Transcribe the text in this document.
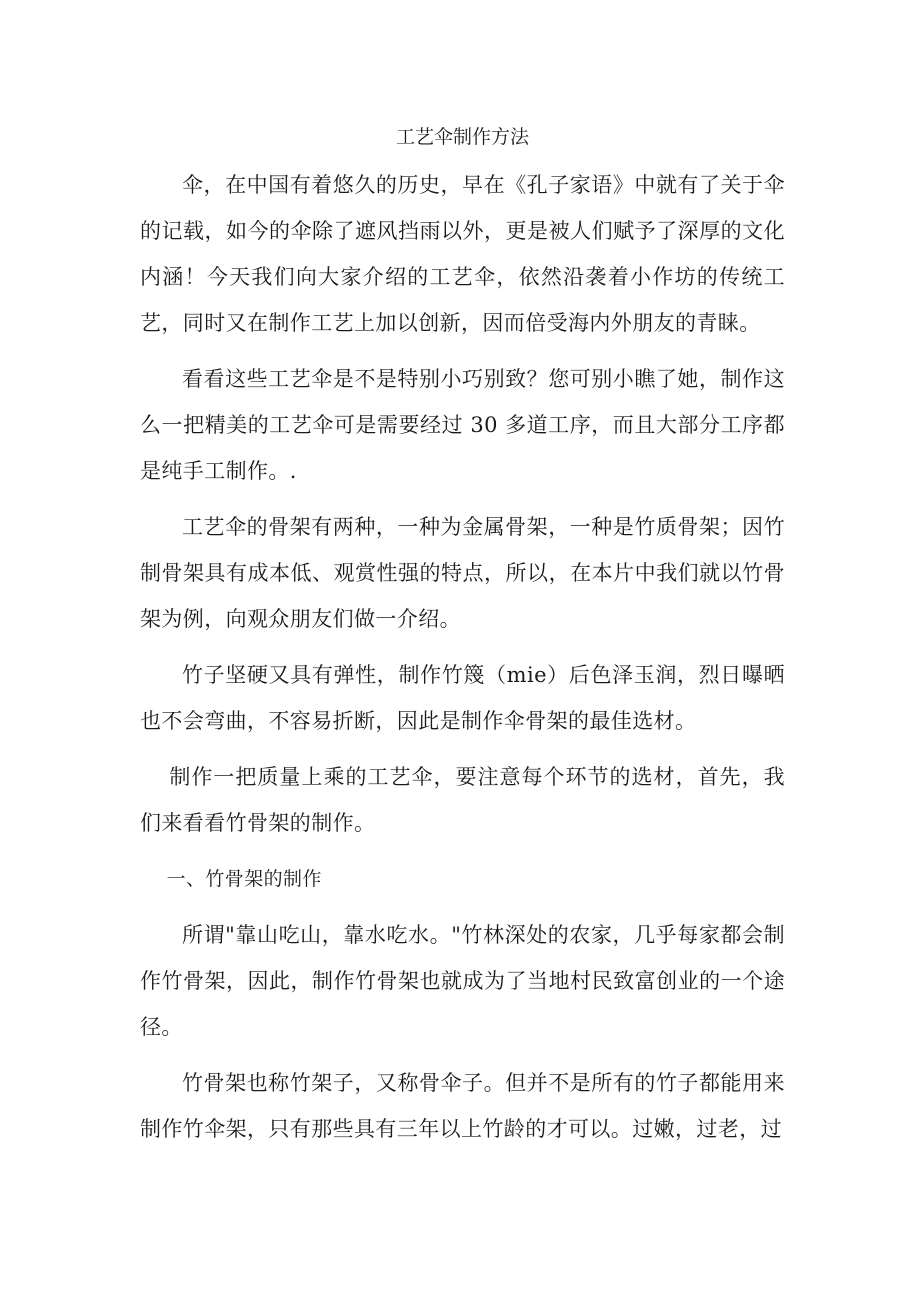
工艺伞制作方法

伞，在中国有着悠久的历史，早在《孔子家语》中就有了关于伞的记载，如今的伞除了遮风挡雨以外，更是被人们赋予了深厚的文化内涵！今天我们向大家介绍的工艺伞，依然沿袭着小作坊的传统工艺，同时又在制作工艺上加以创新，因而倍受海内外朋友的青睐。

看看这些工艺伞是不是特别小巧别致？您可别小瞧了她，制作这么一把精美的工艺伞可是需要经过 30 多道工序，而且大部分工序都是纯手工制作。.

工艺伞的骨架有两种，一种为金属骨架，一种是竹质骨架；因竹制骨架具有成本低、观赏性强的特点，所以，在本片中我们就以竹骨架为例，向观众朋友们做一介绍。

竹子坚硬又具有弹性，制作竹篾（mie）后色泽玉润，烈日曝晒也不会弯曲，不容易折断，因此是制作伞骨架的最佳选材。

制作一把质量上乘的工艺伞，要注意每个环节的选材，首先，我们来看看竹骨架的制作。

一、竹骨架的制作

所谓"靠山吃山，靠水吃水。"竹林深处的农家，几乎每家都会制作竹骨架，因此，制作竹骨架也就成为了当地村民致富创业的一个途径。

竹骨架也称竹架子，又称骨伞子。但并不是所有的竹子都能用来制作竹伞架，只有那些具有三年以上竹龄的才可以。过嫩，过老，过
